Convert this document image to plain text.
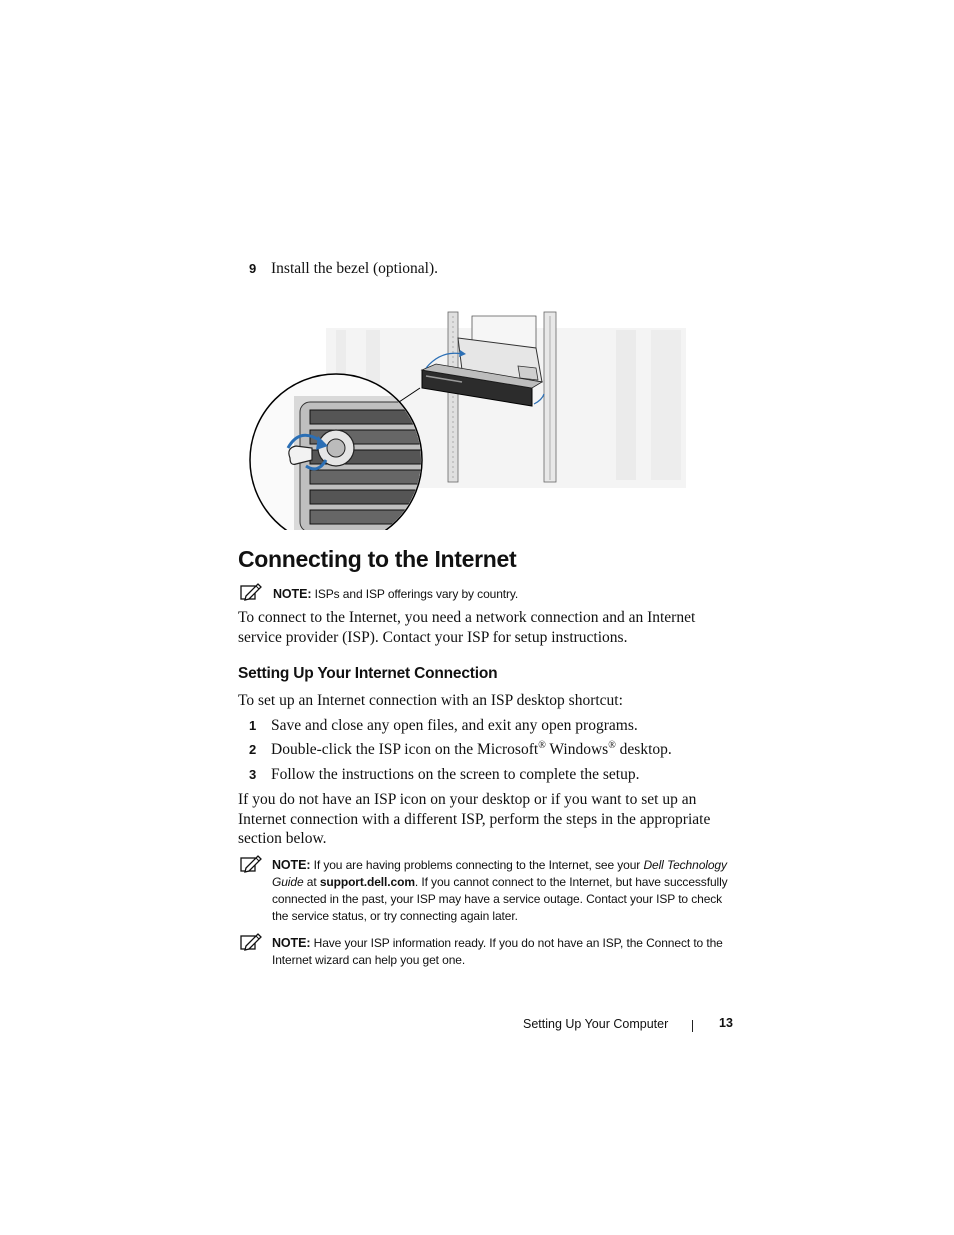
9 Install the bezel (optional).
Connecting to the Internet
NOTE: ISPs and ISP offerings vary by country.
To connect to the Internet, you need a network connection and an Internet service provider (ISP). Contact your ISP for setup instructions.
Setting Up Your Internet Connection
To set up an Internet connection with an ISP desktop shortcut:
1 Save and close any open files, and exit any open programs.
2 Double-click the ISP icon on the Microsoft® Windows® desktop.
3 Follow the instructions on the screen to complete the setup.
If you do not have an ISP icon on your desktop or if you want to set up an Internet connection with a different ISP, perform the steps in the appropriate section below.
NOTE: If you are having problems connecting to the Internet, see your Dell Technology Guide at support.dell.com. If you cannot connect to the Internet, but have successfully connected in the past, your ISP may have a service outage. Contact your ISP to check the service status, or try connecting again later.
NOTE: Have your ISP information ready. If you do not have an ISP, the Connect to the Internet wizard can help you get one.
Setting Up Your Computer	13
